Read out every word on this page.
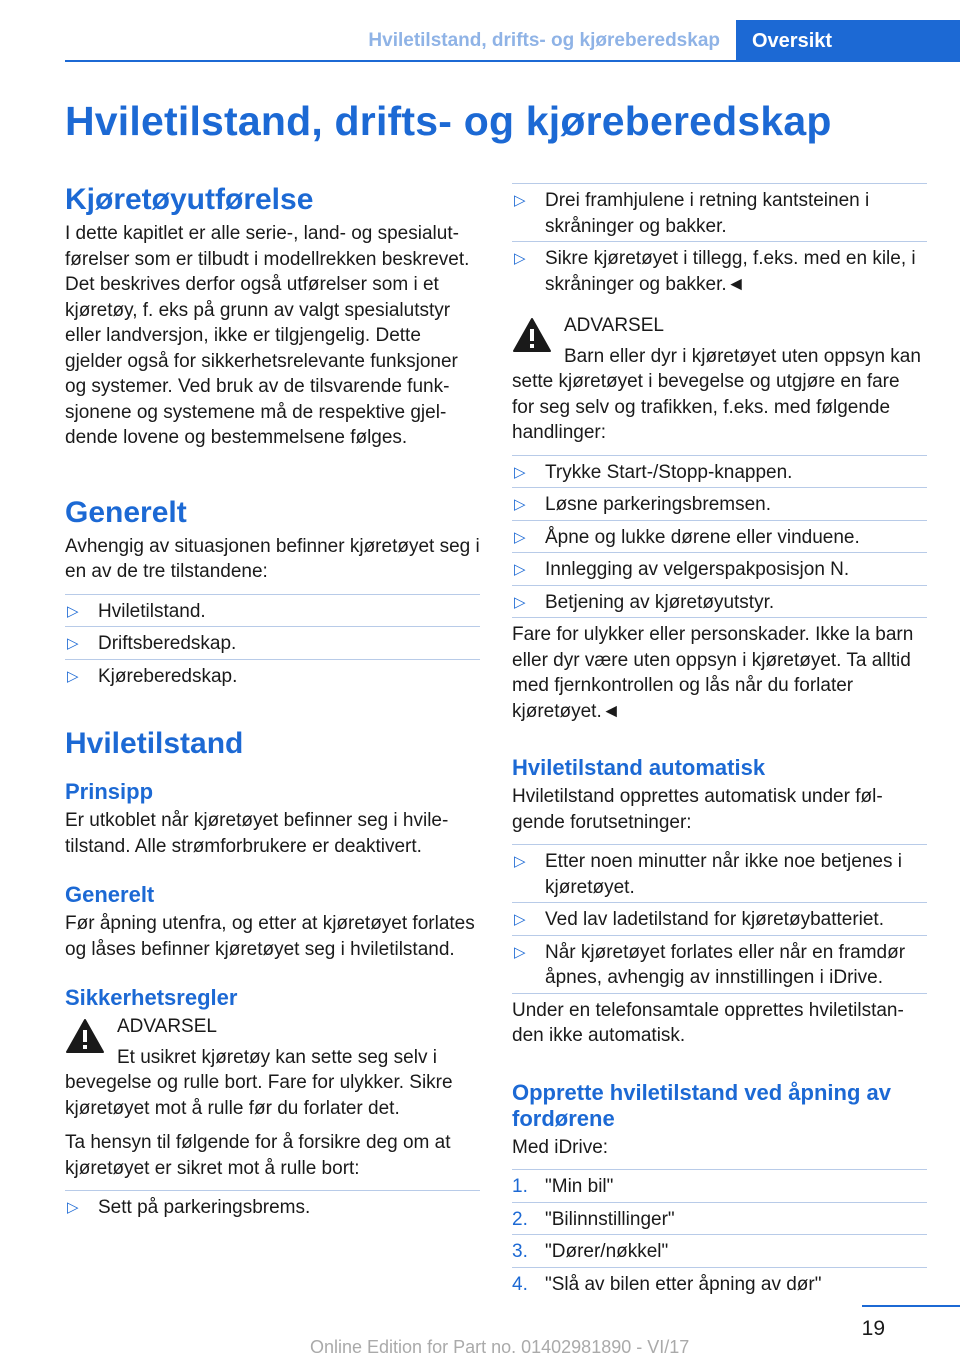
Hviletilstand, drifts- og kjøreberedskap	Oversikt
Hviletilstand, drifts- og kjøreberedskap
Kjøretøyutførelse
I dette kapitlet er alle serie-, land- og spesialutførelser som er tilbudt i modellrekken beskrevet. Det beskrives derfor også utførelser som i et kjøretøy, f. eks på grunn av valgt spesialutstyr eller landversjon, ikke er tilgjengelig. Dette gjelder også for sikkerhetsrelevante funksjoner og systemer. Ved bruk av de tilsvarende funksjonene og systemene må de respektive gjeldende lovene og bestemmelsene følges.
Generelt
Avhengig av situasjonen befinner kjøretøyet seg i en av de tre tilstandene:
▷	Hviletilstand.
▷	Driftsberedskap.
▷	Kjøreberedskap.
Hviletilstand
Prinsipp
Er utkoblet når kjøretøyet befinner seg i hviletilstand. Alle strømforbrukere er deaktivert.
Generelt
Før åpning utenfra, og etter at kjøretøyet forlates og låses befinner kjøretøyet seg i hviletilstand.
Sikkerhetsregler
ADVARSEL
Et usikret kjøretøy kan sette seg selv i bevegelse og rulle bort. Fare for ulykker. Sikre kjøretøyet mot å rulle før du forlater det.
Ta hensyn til følgende for å forsikre deg om at kjøretøyet er sikret mot å rulle bort:
▷	Sett på parkeringsbrems.
▷	Drei framhjulene i retning kantsteinen i skråninger og bakker.
▷	Sikre kjøretøyet i tillegg, f.eks. med en kile, i skråninger og bakker.◄
ADVARSEL
Barn eller dyr i kjøretøyet uten oppsyn kan sette kjøretøyet i bevegelse og utgjøre en fare for seg selv og trafikken, f.eks. med følgende handlinger:
▷	Trykke Start-/Stopp-knappen.
▷	Løsne parkeringsbremsen.
▷	Åpne og lukke dørene eller vinduene.
▷	Innlegging av velgerspakposisjon N.
▷	Betjening av kjøretøyutstyr.
Fare for ulykker eller personskader. Ikke la barn eller dyr være uten oppsyn i kjøretøyet. Ta alltid med fjernkontrollen og lås når du forlater kjøretøyet.◄
Hviletilstand automatisk
Hviletilstand opprettes automatisk under følgende forutsetninger:
▷	Etter noen minutter når ikke noe betjenes i kjøretøyet.
▷	Ved lav ladetilstand for kjøretøybatteriet.
▷	Når kjøretøyet forlates eller når en framdør åpnes, avhengig av innstillingen i iDrive.
Under en telefonsamtale opprettes hviletilstanden ikke automatisk.
Opprette hviletilstand ved åpning av fordørene
Med iDrive:
1. "Min bil"
2. "Bilinnstillinger"
3. "Dører/nøkkel"
4. "Slå av bilen etter åpning av dør"
19
Online Edition for Part no. 01402981890 - VI/17
